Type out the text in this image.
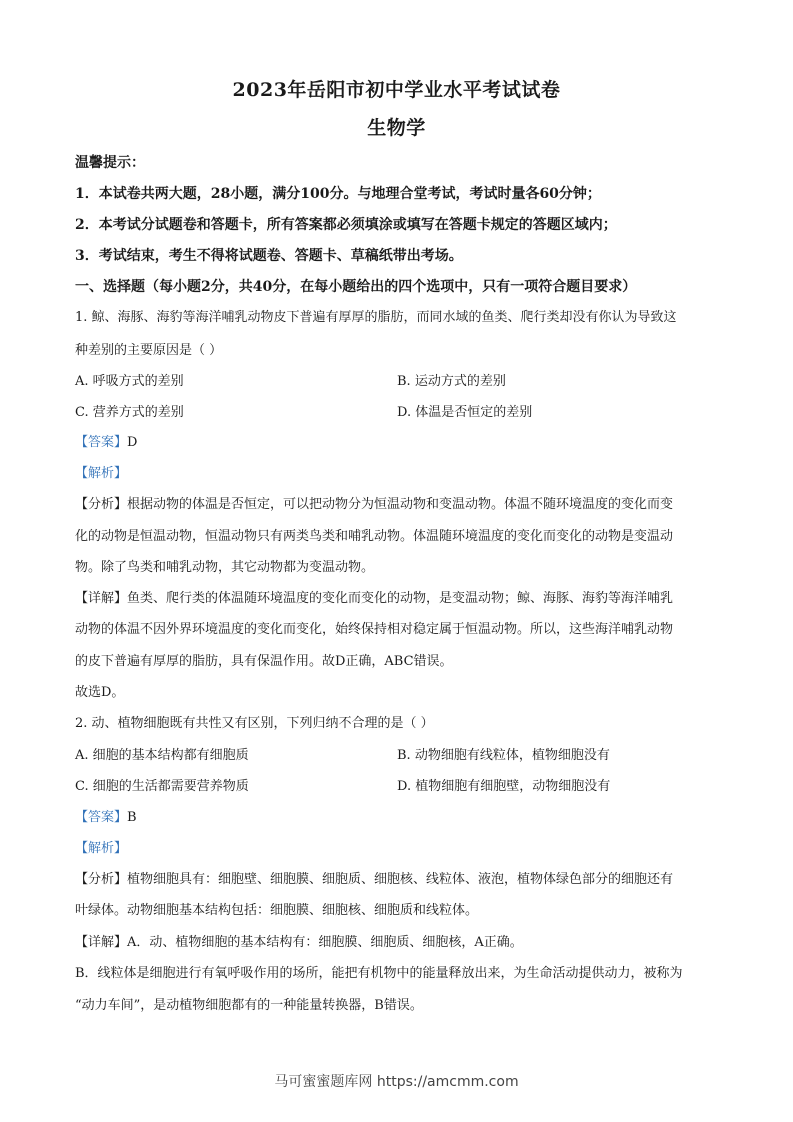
2023年岳阳市初中学业水平考试试卷
生物学
温馨提示：
1．本试卷共两大题，28小题，满分100分。与地理合堂考试，考试时量各60分钟；
2．本考试分试题卷和答题卡，所有答案都必须填涂或填写在答题卡规定的答题区域内；
3．考试结束，考生不得将试题卷、答题卡、草稿纸带出考场。
一、选择题（每小题2分，共40分，在每小题给出的四个选项中，只有一项符合题目要求）
1. 鲸、海豚、海豹等海洋哺乳动物皮下普遍有厚厚的脂肪，而同水域的鱼类、爬行类却没有你认为导致这
种差别的主要原因是（ ）
A. 呼吸方式的差别	B. 运动方式的差别
C. 营养方式的差别	D. 体温是否恒定的差别
【答案】D
【解析】
【分析】根据动物的体温是否恒定，可以把动物分为恒温动物和变温动物。体温不随环境温度的变化而变
化的动物是恒温动物，恒温动物只有两类鸟类和哺乳动物。体温随环境温度的变化而变化的动物是变温动
物。除了鸟类和哺乳动物，其它动物都为变温动物。
【详解】鱼类、爬行类的体温随环境温度的变化而变化的动物，是变温动物；鲸、海豚、海豹等海洋哺乳
动物的体温不因外界环境温度的变化而变化，始终保持相对稳定属于恒温动物。所以，这些海洋哺乳动物
的皮下普遍有厚厚的脂肪，具有保温作用。故D正确，ABC错误。
故选D。
2. 动、植物细胞既有共性又有区别，下列归纳不合理的是（ ）
A. 细胞的基本结构都有细胞质	B. 动物细胞有线粒体，植物细胞没有
C. 细胞的生活都需要营养物质	D. 植物细胞有细胞壁，动物细胞没有
【答案】B
【解析】
【分析】植物细胞具有：细胞壁、细胞膜、细胞质、细胞核、线粒体、液泡，植物体绿色部分的细胞还有
叶绿体。动物细胞基本结构包括：细胞膜、细胞核、细胞质和线粒体。
【详解】A．动、植物细胞的基本结构有：细胞膜、细胞质、细胞核，A正确。
B．线粒体是细胞进行有氧呼吸作用的场所，能把有机物中的能量释放出来，为生命活动提供动力，被称为
“动力车间”，是动植物细胞都有的一种能量转换器，B错误。
马可蜜蜜题库网 https://amcmm.com
